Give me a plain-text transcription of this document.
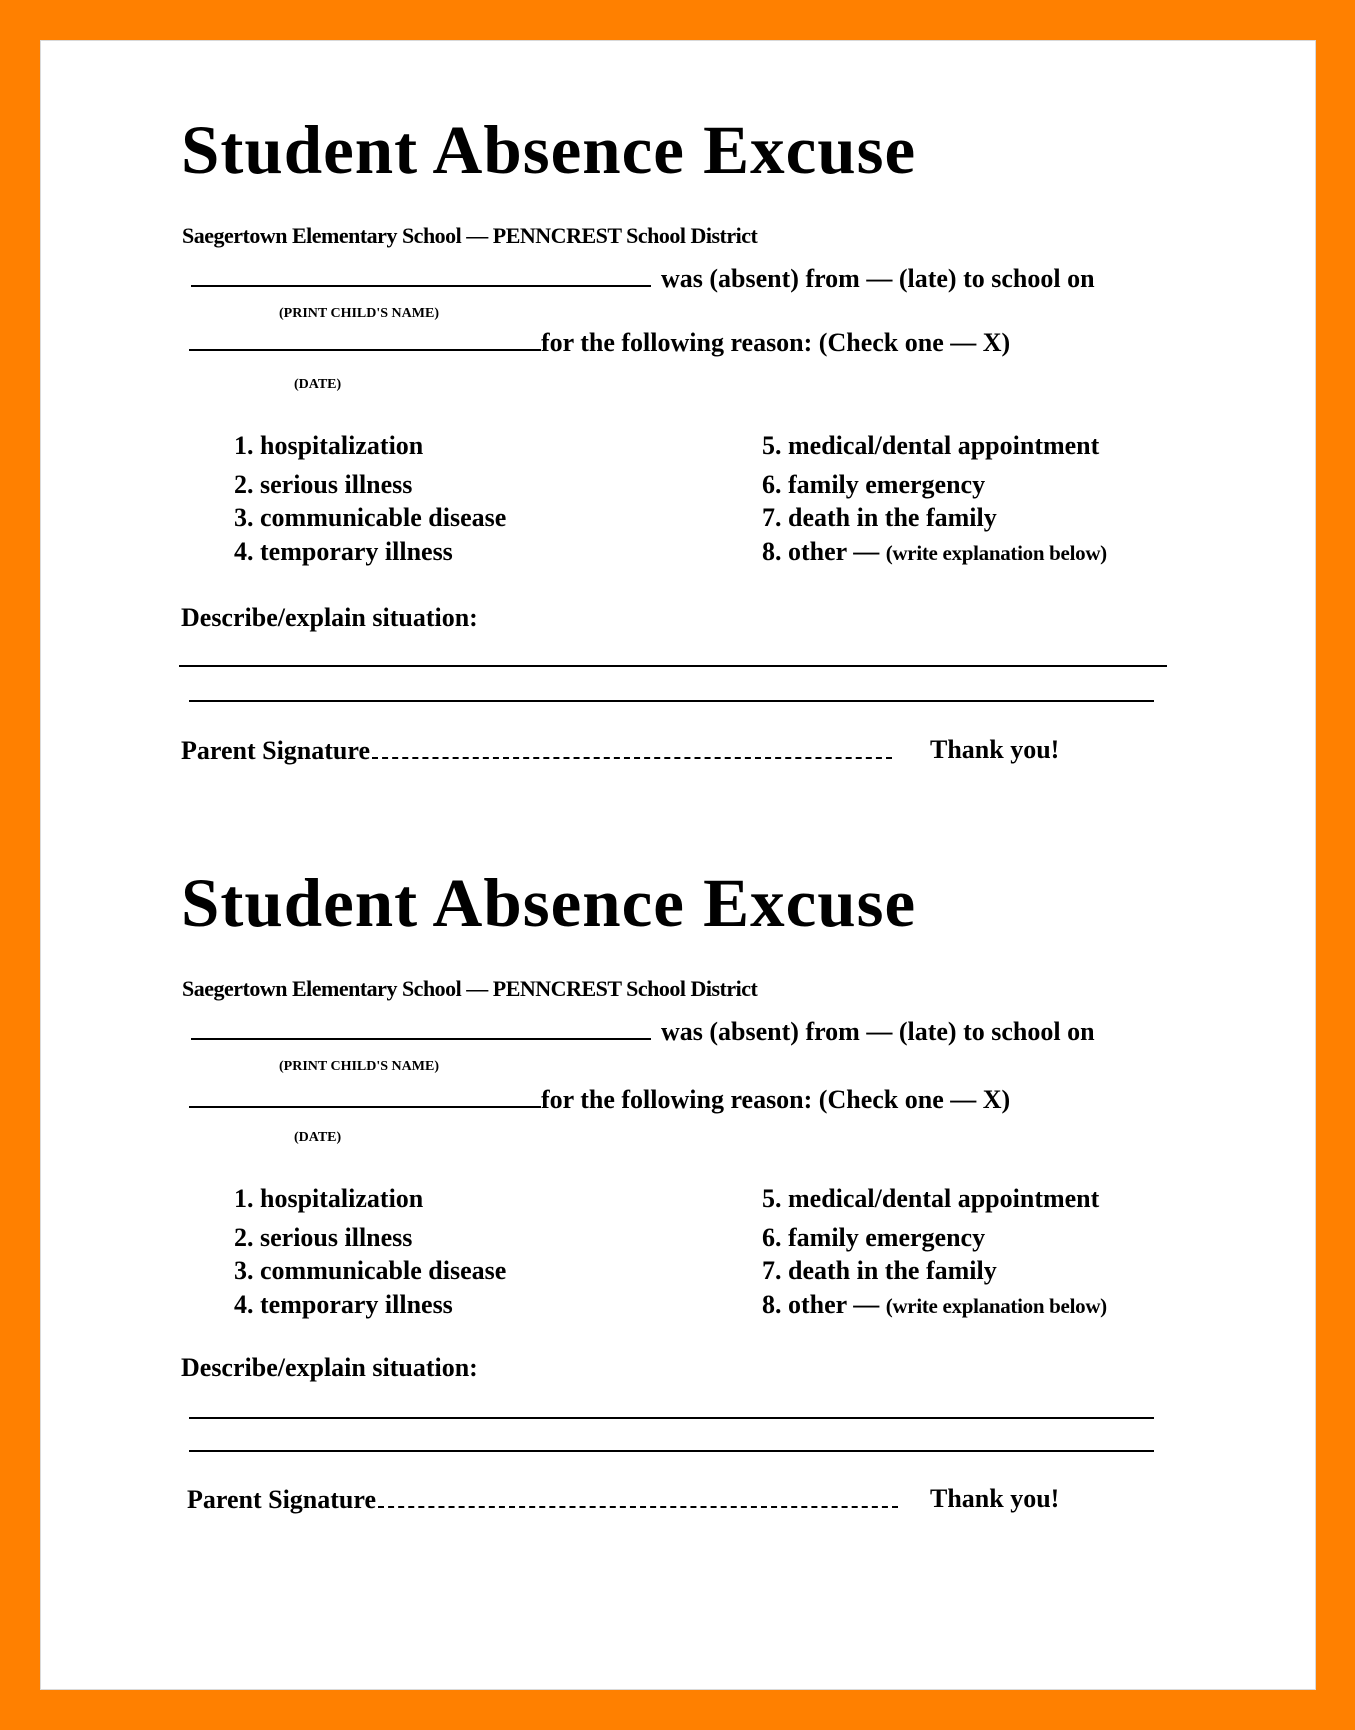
Student Absence Excuse
Saegertown Elementary School — PENNCREST School District
was (absent) from — (late) to school on
(PRINT CHILD'S NAME)
for the following reason: (Check one — X)
(DATE)
1. hospitalization
2. serious illness
3. communicable disease
4. temporary illness
5. medical/dental appointment
6. family emergency
7. death in the family
8. other — (write explanation below)
Describe/explain situation:
Parent Signature	Thank you!
Student Absence Excuse
Saegertown Elementary School — PENNCREST School District
was (absent) from — (late) to school on
(PRINT CHILD'S NAME)
for the following reason: (Check one — X)
(DATE)
1. hospitalization
2. serious illness
3. communicable disease
4. temporary illness
5. medical/dental appointment
6. family emergency
7. death in the family
8. other — (write explanation below)
Describe/explain situation:
Parent Signature	Thank you!
